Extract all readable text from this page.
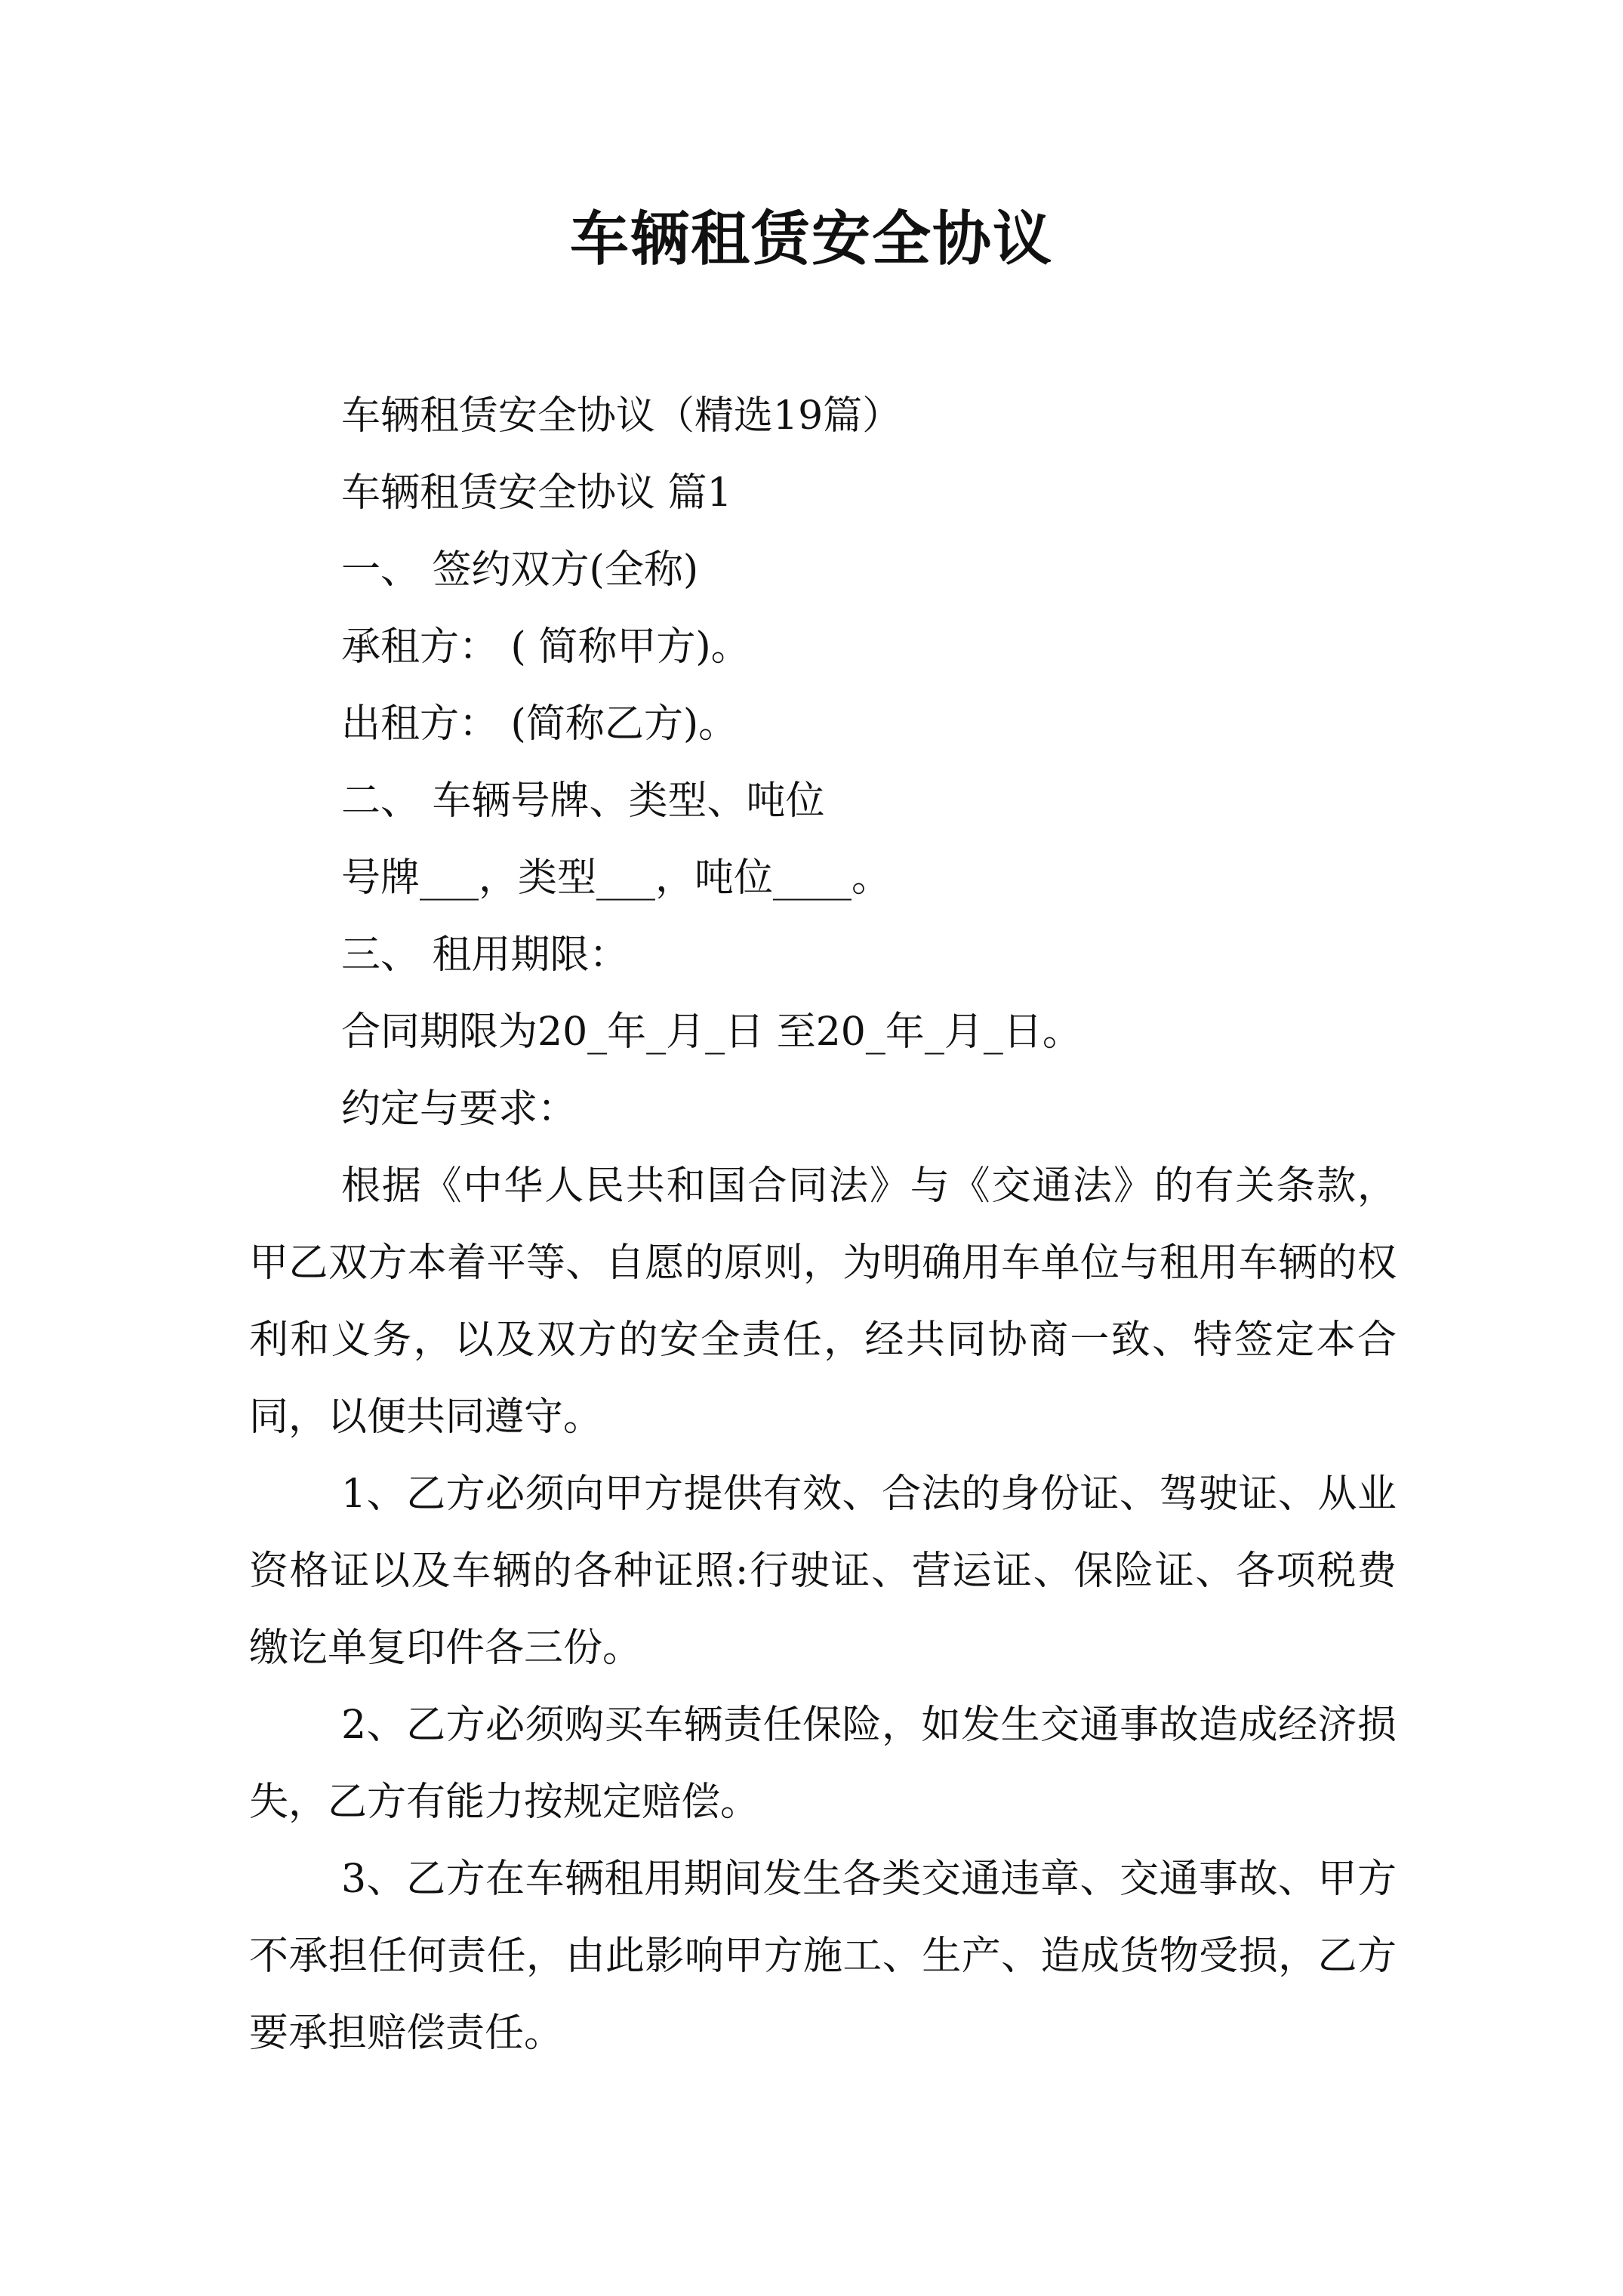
车辆租赁安全协议

车辆租赁安全协议（精选19篇）

车辆租赁安全协议 篇1

一、 签约双方(全称)

承租方： ( 简称甲方)。

出租方： (简称乙方)。

二、 车辆号牌、类型、吨位

号牌___，类型___，吨位____。

三、 租用期限：

合同期限为20_年_月_日 至20_年_月_日。

约定与要求：

根据《中华人民共和国合同法》与《交通法》的有关条款，甲乙双方本着平等、自愿的原则，为明确用车单位与租用车辆的权利和义务，以及双方的安全责任，经共同协商一致、特签定本合同，以便共同遵守。

1、乙方必须向甲方提供有效、合法的身份证、驾驶证、从业资格证以及车辆的各种证照:行驶证、营运证、保险证、各项税费缴讫单复印件各三份。

2、乙方必须购买车辆责任保险，如发生交通事故造成经济损失，乙方有能力按规定赔偿。

3、乙方在车辆租用期间发生各类交通违章、交通事故、甲方不承担任何责任，由此影响甲方施工、生产、造成货物受损，乙方要承担赔偿责任。
